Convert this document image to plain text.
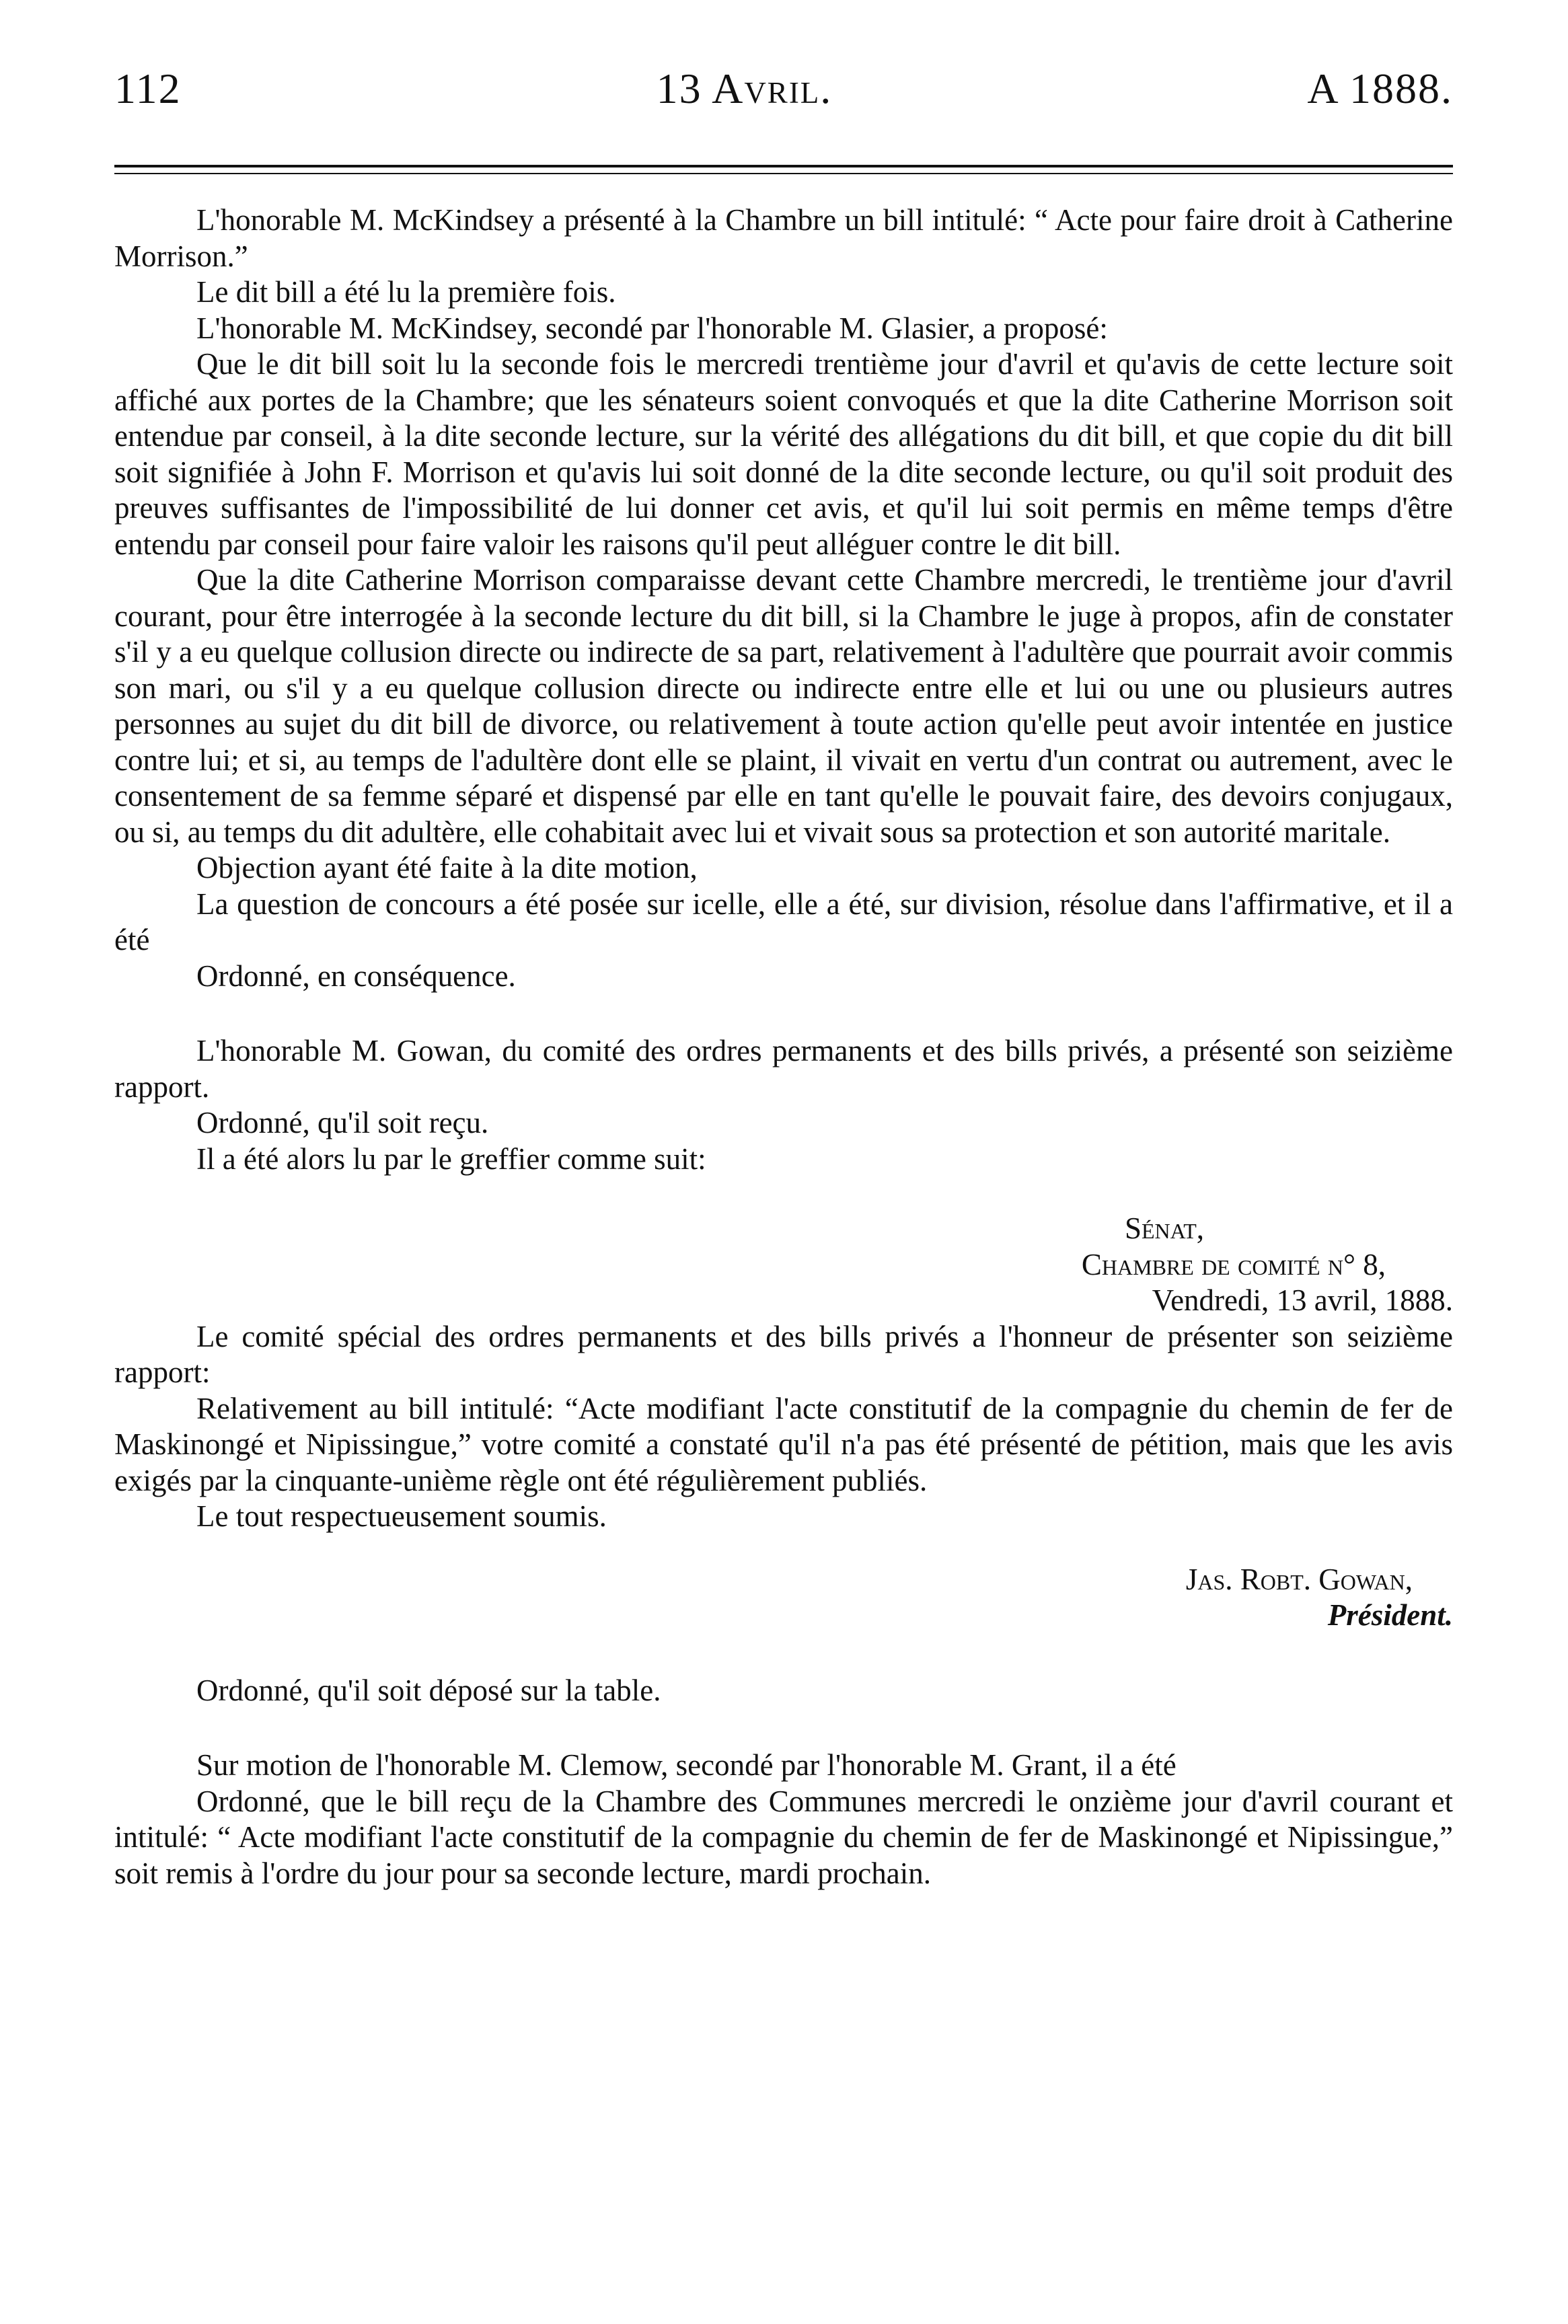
112	13 Avril.	A 1888.

L'honorable M. McKindsey a présenté à la Chambre un bill intitulé: “ Acte pour faire droit à Catherine Morrison.”

Le dit bill a été lu la première fois.

L'honorable M. McKindsey, secondé par l'honorable M. Glasier, a proposé:

Que le dit bill soit lu la seconde fois le mercredi trentième jour d'avril et qu'avis de cette lecture soit affiché aux portes de la Chambre; que les sénateurs soient convoqués et que la dite Catherine Morrison soit entendue par conseil, à la dite seconde lecture, sur la vérité des allégations du dit bill, et que copie du dit bill soit signifiée à John F. Morrison et qu'avis lui soit donné de la dite seconde lecture, ou qu'il soit produit des preuves suffisantes de l'impossibilité de lui donner cet avis, et qu'il lui soit permis en même temps d'être entendu par conseil pour faire valoir les raisons qu'il peut alléguer contre le dit bill.

Que la dite Catherine Morrison comparaisse devant cette Chambre mercredi, le trentième jour d'avril courant, pour être interrogée à la seconde lecture du dit bill, si la Chambre le juge à propos, afin de constater s'il y a eu quelque collusion directe ou indirecte de sa part, relativement à l'adultère que pourrait avoir commis son mari, ou s'il y a eu quelque collusion directe ou indirecte entre elle et lui ou une ou plusieurs autres personnes au sujet du dit bill de divorce, ou relativement à toute action qu'elle peut avoir intentée en justice contre lui; et si, au temps de l'adultère dont elle se plaint, il vivait en vertu d'un contrat ou autrement, avec le consentement de sa femme séparé et dispensé par elle en tant qu'elle le pouvait faire, des devoirs conjugaux, ou si, au temps du dit adultère, elle cohabitait avec lui et vivait sous sa protection et son autorité maritale.

Objection ayant été faite à la dite motion,

La question de concours a été posée sur icelle, elle a été, sur division, résolue dans l'affirmative, et il a été

Ordonné, en conséquence.

L'honorable M. Gowan, du comité des ordres permanents et des bills privés, a présenté son seizième rapport.

Ordonné, qu'il soit reçu.

Il a été alors lu par le greffier comme suit:

Sénat,
Chambre de comité n° 8,
Vendredi, 13 avril, 1888.

Le comité spécial des ordres permanents et des bills privés a l'honneur de présenter son seizième rapport:

Relativement au bill intitulé: “Acte modifiant l'acte constitutif de la compagnie du chemin de fer de Maskinongé et Nipissingue,” votre comité a constaté qu'il n'a pas été présenté de pétition, mais que les avis exigés par la cinquante-unième règle ont été régulièrement publiés.

Le tout respectueusement soumis.

Jas. Robt. Gowan,
Président.

Ordonné, qu'il soit déposé sur la table.

Sur motion de l'honorable M. Clemow, secondé par l'honorable M. Grant, il a été

Ordonné, que le bill reçu de la Chambre des Communes mercredi le onzième jour d'avril courant et intitulé: “ Acte modifiant l'acte constitutif de la compagnie du chemin de fer de Maskinongé et Nipissingue,” soit remis à l'ordre du jour pour sa seconde lecture, mardi prochain.
